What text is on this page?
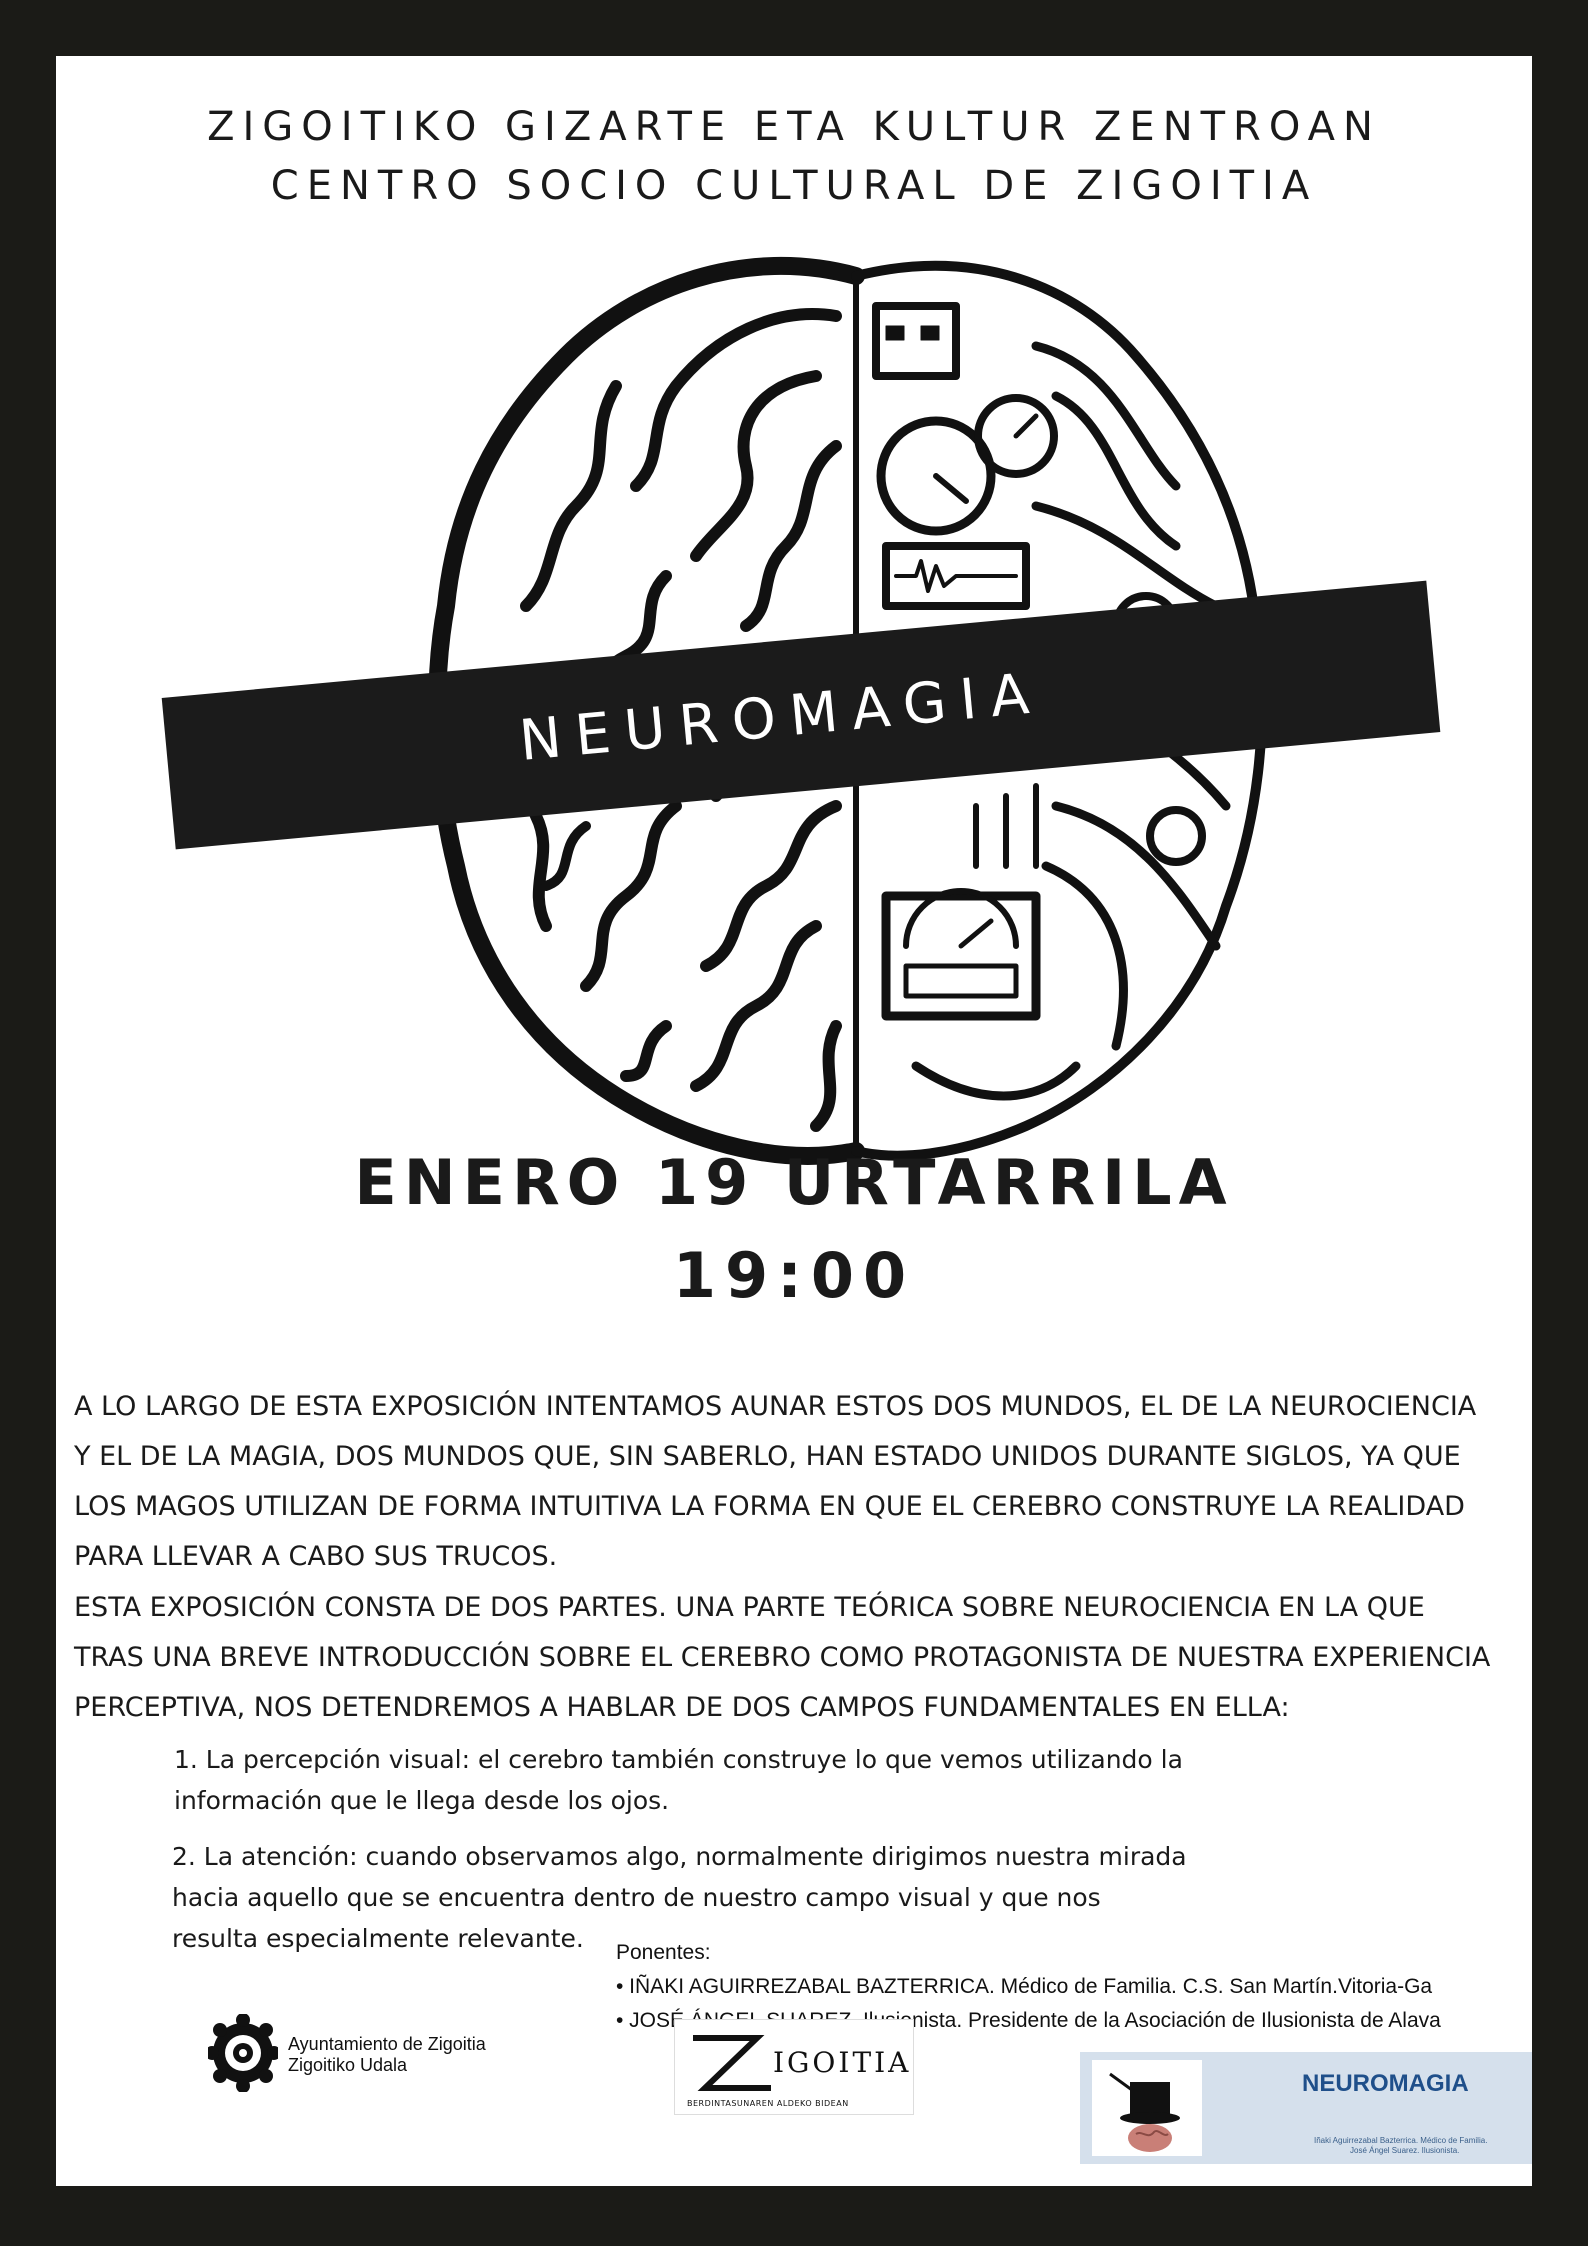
ZIGOITIKO GIZARTE ETA KULTUR ZENTROAN
CENTRO SOCIO CULTURAL DE ZIGOITIA
NEUROMAGIA
ENERO 19 URTARRILA
19:00
A LO LARGO DE ESTA EXPOSICIÓN INTENTAMOS AUNAR ESTOS DOS MUNDOS, EL DE LA NEUROCIENCIA
Y EL DE LA MAGIA, DOS MUNDOS QUE, SIN SABERLO, HAN ESTADO UNIDOS DURANTE SIGLOS, YA QUE
LOS MAGOS UTILIZAN DE FORMA INTUITIVA LA FORMA EN QUE EL CEREBRO CONSTRUYE LA REALIDAD
PARA LLEVAR A CABO SUS TRUCOS.
ESTA EXPOSICIÓN CONSTA DE DOS PARTES. UNA PARTE TEÓRICA SOBRE NEUROCIENCIA EN LA QUE
TRAS UNA BREVE INTRODUCCIÓN SOBRE EL CEREBRO COMO PROTAGONISTA DE NUESTRA EXPERIENCIA
PERCEPTIVA, NOS DETENDREMOS A HABLAR DE DOS CAMPOS FUNDAMENTALES EN ELLA:
1. La percepción visual: el cerebro también construye lo que vemos utilizando la
información que le llega desde los ojos.
2. La atención: cuando observamos algo, normalmente dirigimos nuestra mirada
hacia aquello que se encuentra dentro de nuestro campo visual y que nos
resulta especialmente relevante.	Ponentes:
• IÑAKI AGUIRREZABAL BAZTERRICA. Médico de Familia. C.S. San Martín.Vitoria-Ga
• JOSÉ ÁNGEL SUAREZ. Ilusionista. Presidente de la Asociación de Ilusionista de Alava
Ayuntamiento de Zigoitia
Zigoitiko Udala	IGOITIA
BERDINTASUNAREN ALDEKO BIDEAN
NEUROMAGIA
Iñaki Aguirrezabal Bazterrica. Médico de Familia.
José Ángel Suarez. Ilusionista.
